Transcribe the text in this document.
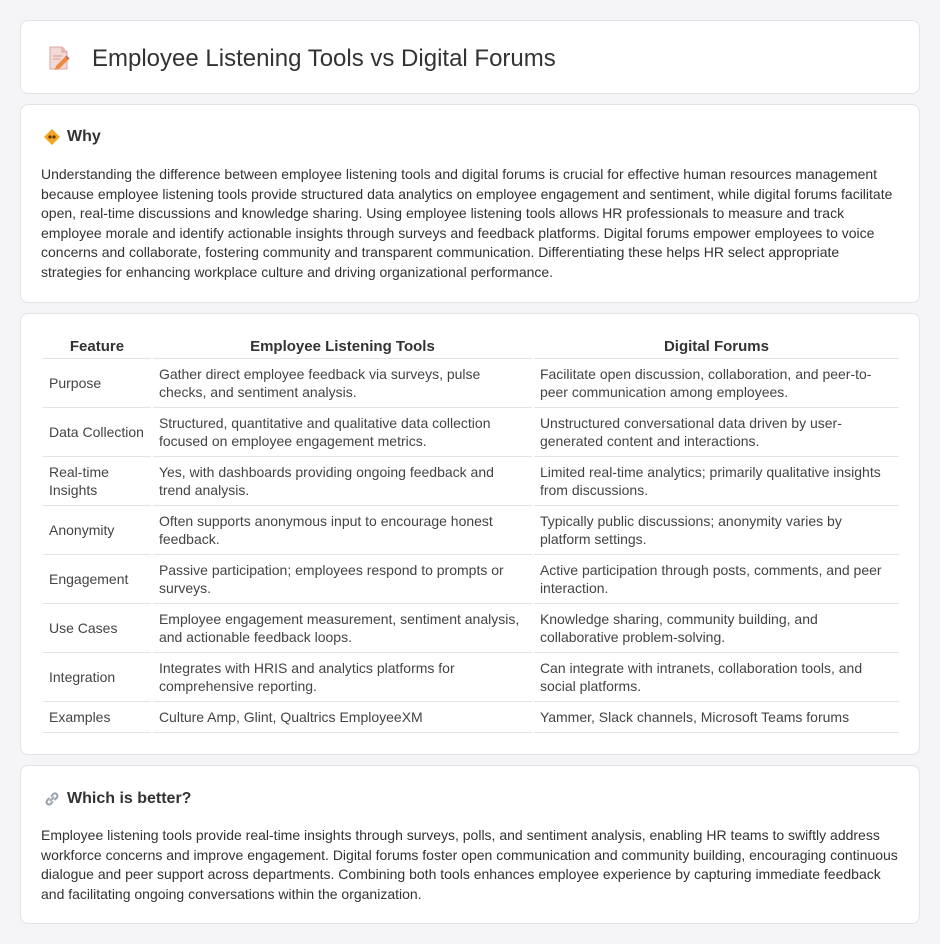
Employee Listening Tools vs Digital Forums
Why

Understanding the difference between employee listening tools and digital forums is crucial for effective human resources management because employee listening tools provide structured data analytics on employee engagement and sentiment, while digital forums facilitate open, real-time discussions and knowledge sharing. Using employee listening tools allows HR professionals to measure and track employee morale and identify actionable insights through surveys and feedback platforms. Digital forums empower employees to voice concerns and collaborate, fostering community and transparent communication. Differentiating these helps HR select appropriate strategies for enhancing workplace culture and driving organizational performance.

Feature	Employee Listening Tools	Digital Forums
Purpose	Gather direct employee feedback via surveys, pulse checks, and sentiment analysis.	Facilitate open discussion, collaboration, and peer-to-peer communication among employees.
Data Collection	Structured, quantitative and qualitative data collection focused on employee engagement metrics.	Unstructured conversational data driven by user-generated content and interactions.
Real-time Insights	Yes, with dashboards providing ongoing feedback and trend analysis.	Limited real-time analytics; primarily qualitative insights from discussions.
Anonymity	Often supports anonymous input to encourage honest feedback.	Typically public discussions; anonymity varies by platform settings.
Engagement	Passive participation; employees respond to prompts or surveys.	Active participation through posts, comments, and peer interaction.
Use Cases	Employee engagement measurement, sentiment analysis, and actionable feedback loops.	Knowledge sharing, community building, and collaborative problem-solving.
Integration	Integrates with HRIS and analytics platforms for comprehensive reporting.	Can integrate with intranets, collaboration tools, and social platforms.
Examples	Culture Amp, Glint, Qualtrics EmployeeXM	Yammer, Slack channels, Microsoft Teams forums
Which is better?

Employee listening tools provide real-time insights through surveys, polls, and sentiment analysis, enabling HR teams to swiftly address workforce concerns and improve engagement. Digital forums foster open communication and community building, encouraging continuous dialogue and peer support across departments. Combining both tools enhances employee experience by capturing immediate feedback and facilitating ongoing conversations within the organization.
